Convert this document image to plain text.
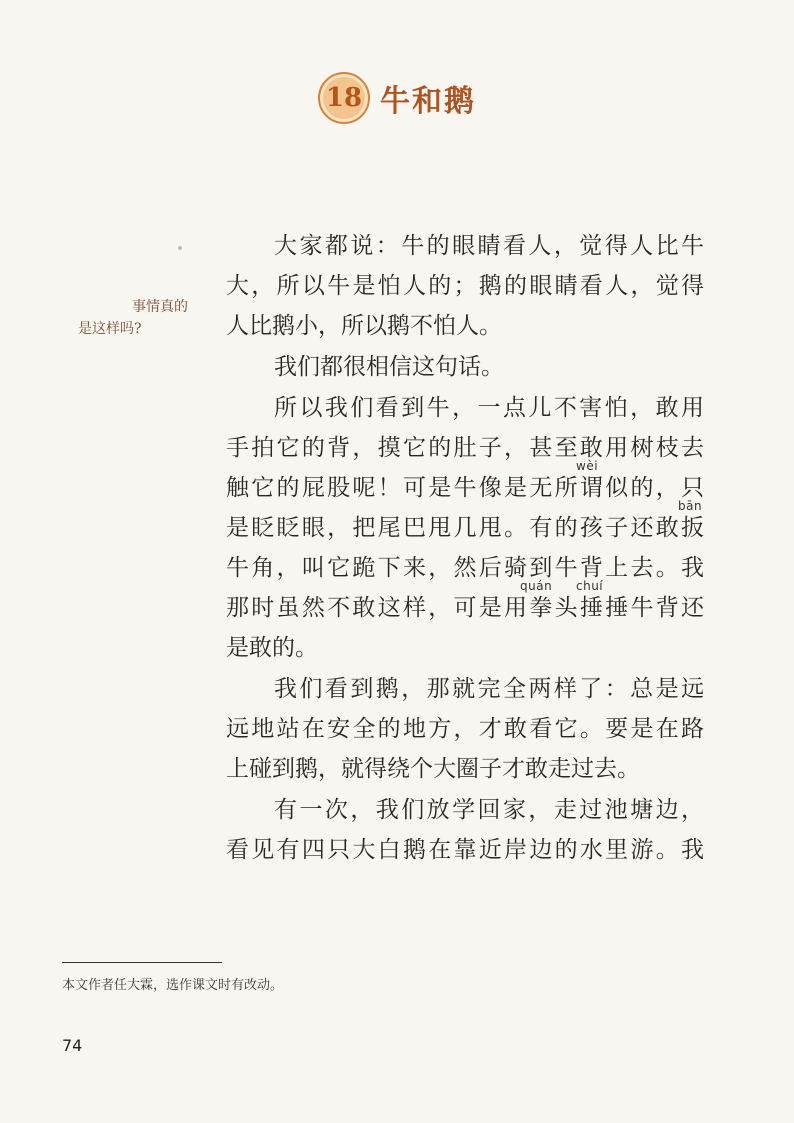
18 牛和鹅
事情真的
是这样吗?
大家都说：牛的眼睛看人，觉得人比牛
大，所以牛是怕人的；鹅的眼睛看人，觉得
人比鹅小，所以鹅不怕人。
我们都很相信这句话。
所以我们看到牛，一点儿不害怕，敢用
手拍它的背，摸它的肚子，甚至敢用树枝去
wèi
触它的屁股呢！可是牛像是无所谓似的，只
bān
是眨眨眼，把尾巴甩几甩。有的孩子还敢扳
牛角，叫它跪下来，然后骑到牛背上去。我
quán chuí
那时虽然不敢这样，可是用拳头捶捶牛背还
是敢的。
我们看到鹅，那就完全两样了：总是远
远地站在安全的地方，才敢看它。要是在路
上碰到鹅，就得绕个大圈子才敢走过去。
有一次，我们放学回家，走过池塘边，
看见有四只大白鹅在靠近岸边的水里游。我
本文作者任大霖，选作课文时有改动。
74
